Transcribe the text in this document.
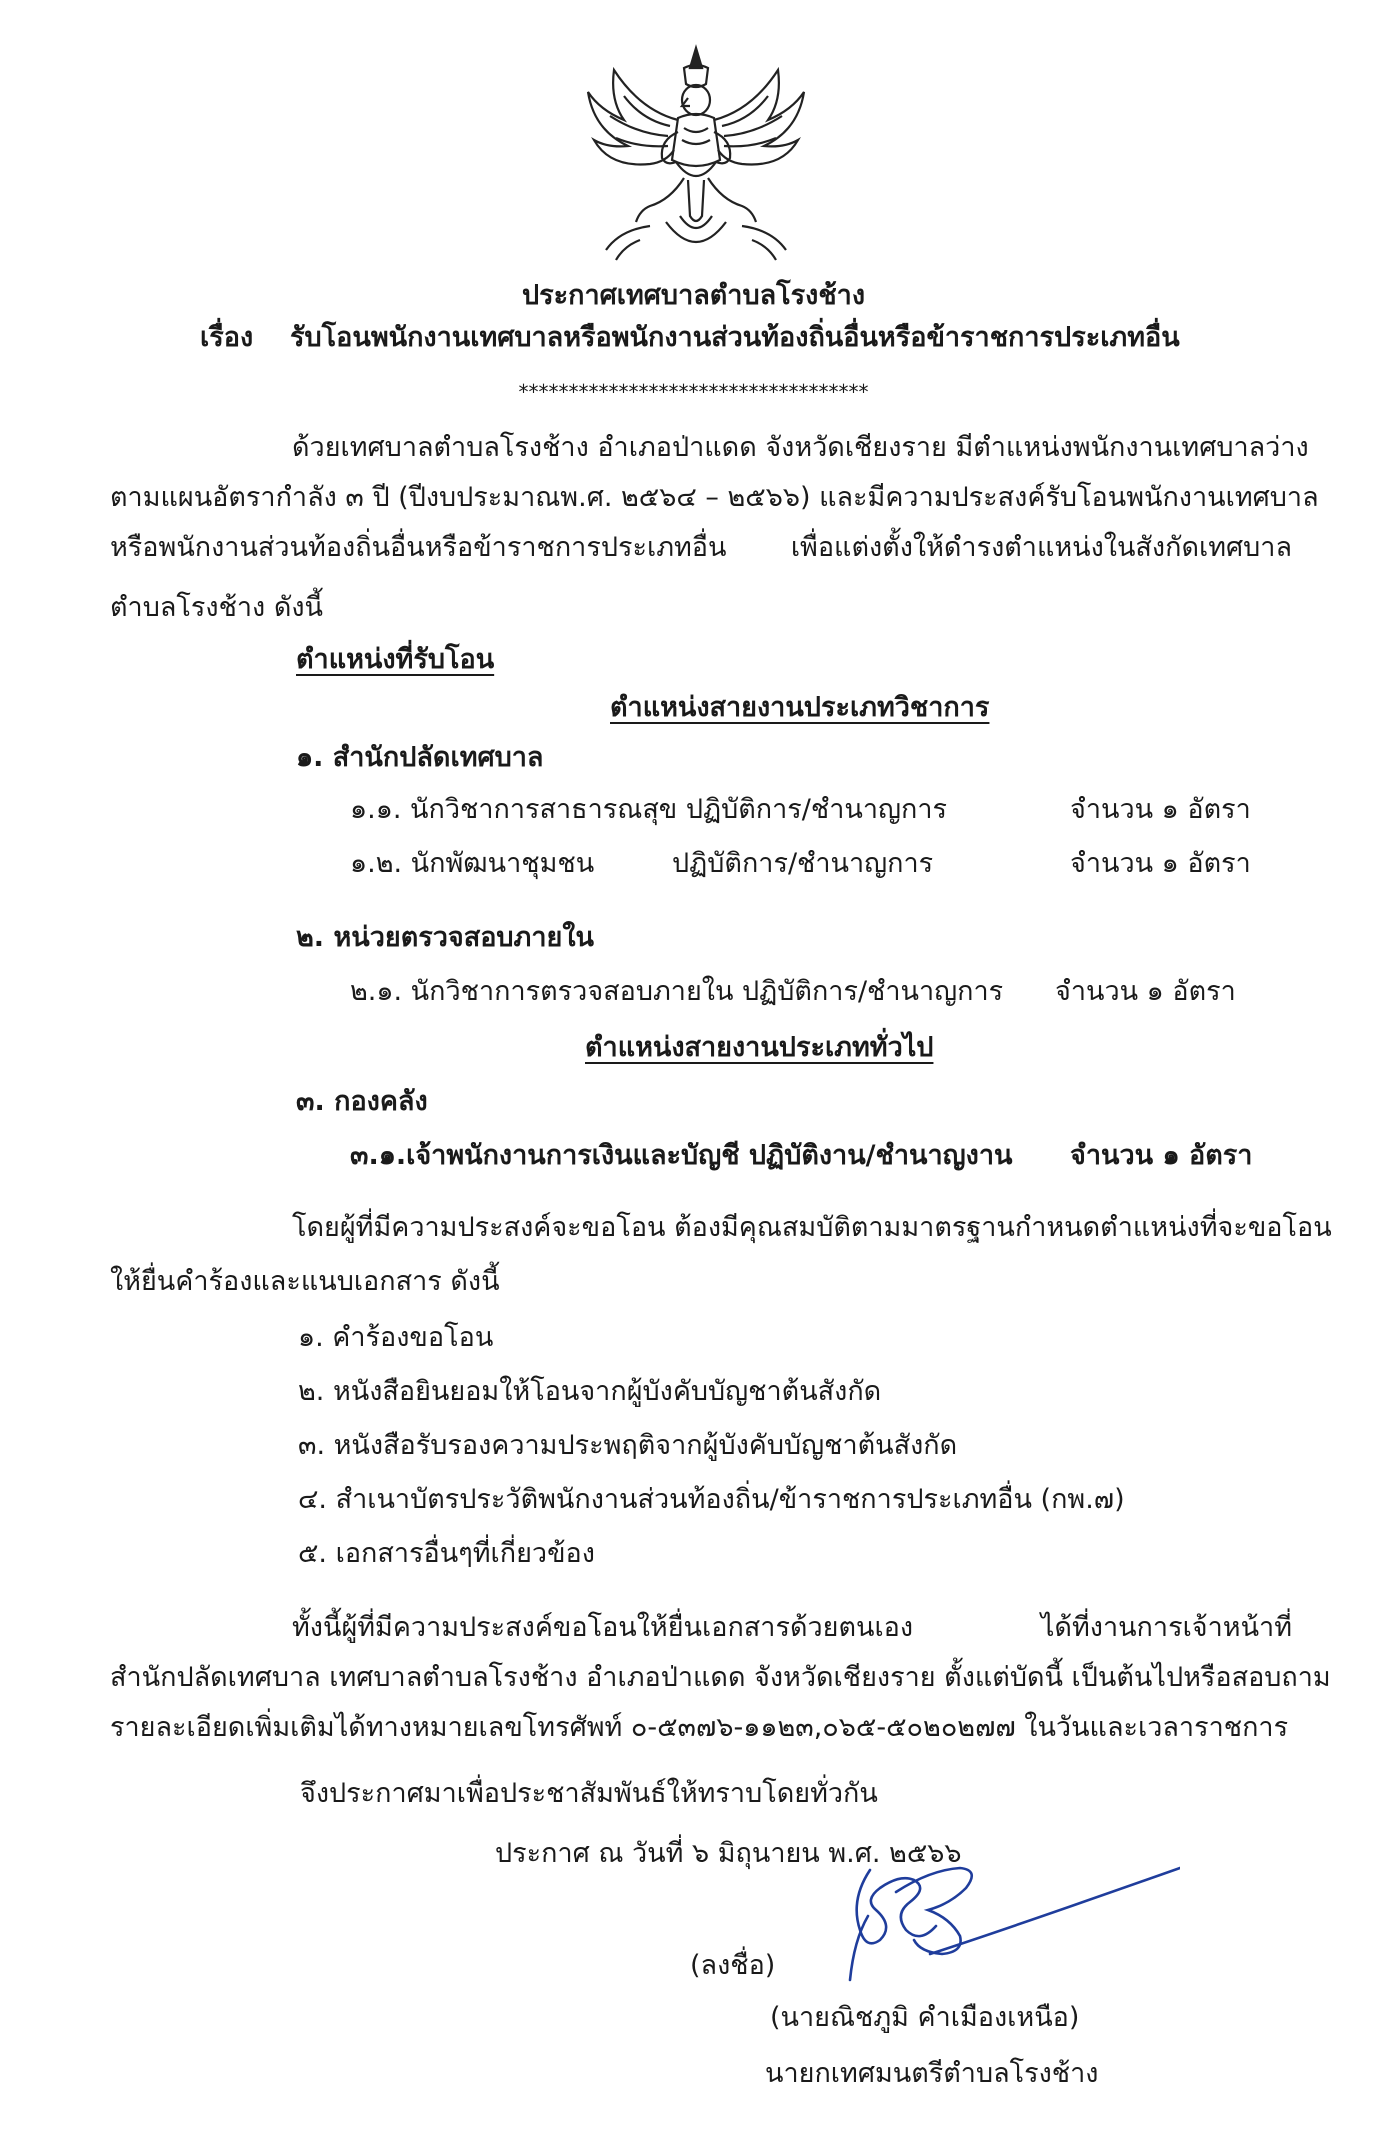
ประกาศเทศบาลตำบลโรงช้าง
เรื่อง รับโอนพนักงานเทศบาลหรือพนักงานส่วนท้องถิ่นอื่นหรือข้าราชการประเภทอื่น
***********************************
ด้วยเทศบาลตำบลโรงช้าง อำเภอป่าแดด จังหวัดเชียงราย มีตำแหน่งพนักงานเทศบาลว่าง
ตามแผนอัตรากำลัง ๓ ปี (ปีงบประมาณพ.ศ. ๒๕๖๔ – ๒๕๖๖) และมีความประสงค์รับโอนพนักงานเทศบาล
หรือพนักงานส่วนท้องถิ่นอื่นหรือข้าราชการประเภทอื่น เพื่อแต่งตั้งให้ดำรงตำแหน่งในสังกัดเทศบาล
ตำบลโรงช้าง ดังนี้
ตำแหน่งที่รับโอน
ตำแหน่งสายงานประเภทวิชาการ
๑. สำนักปลัดเทศบาล
๑.๑. นักวิชาการสาธารณสุข ปฏิบัติการ/ชำนาญการ	จำนวน ๑ อัตรา
๑.๒. นักพัฒนาชุมชน	ปฏิบัติการ/ชำนาญการ	จำนวน ๑ อัตรา
๒. หน่วยตรวจสอบภายใน
๒.๑. นักวิชาการตรวจสอบภายใน ปฏิบัติการ/ชำนาญการ จำนวน ๑ อัตรา
ตำแหน่งสายงานประเภททั่วไป
๓. กองคลัง
๓.๑.เจ้าพนักงานการเงินและบัญชี ปฏิบัติงาน/ชำนาญงาน จำนวน ๑ อัตรา
โดยผู้ที่มีความประสงค์จะขอโอน ต้องมีคุณสมบัติตามมาตรฐานกำหนดตำแหน่งที่จะขอโอน
ให้ยื่นคำร้องและแนบเอกสาร ดังนี้
๑. คำร้องขอโอน
๒. หนังสือยินยอมให้โอนจากผู้บังคับบัญชาต้นสังกัด
๓. หนังสือรับรองความประพฤติจากผู้บังคับบัญชาต้นสังกัด
๔. สำเนาบัตรประวัติพนักงานส่วนท้องถิ่น/ข้าราชการประเภทอื่น (กพ.๗)
๕. เอกสารอื่นๆที่เกี่ยวข้อง
ทั้งนี้ผู้ที่มีความประสงค์ขอโอนให้ยื่นเอกสารด้วยตนเอง ได้ที่งานการเจ้าหน้าที่
สำนักปลัดเทศบาล เทศบาลตำบลโรงช้าง อำเภอป่าแดด จังหวัดเชียงราย ตั้งแต่บัดนี้ เป็นต้นไปหรือสอบถาม
รายละเอียดเพิ่มเติมได้ทางหมายเลขโทรศัพท์ ๐-๕๓๗๖-๑๑๒๓,๐๖๕-๕๐๒๐๒๗๗ ในวันและเวลาราชการ
จึงประกาศมาเพื่อประชาสัมพันธ์ให้ทราบโดยทั่วกัน
ประกาศ ณ วันที่ ๖ มิถุนายน พ.ศ. ๒๕๖๖
(ลงชื่อ)
(นายณิชภูมิ คำเมืองเหนือ)
นายกเทศมนตรีตำบลโรงช้าง
